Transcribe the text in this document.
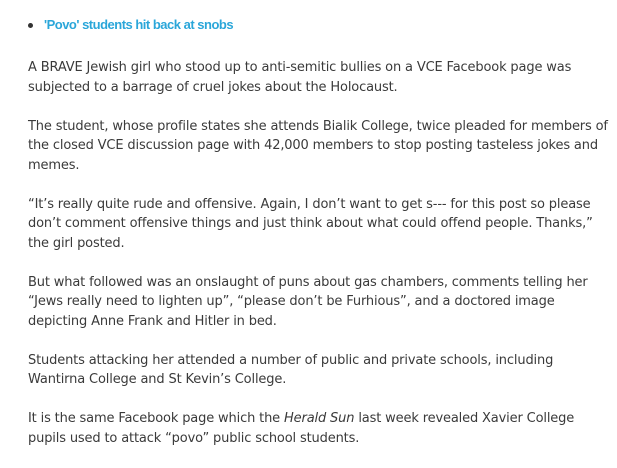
'Povo' students hit back at snobs

A BRAVE Jewish girl who stood up to anti-semitic bullies on a VCE Facebook page was subjected to a barrage of cruel jokes about the Holocaust.

The student, whose profile states she attends Bialik College, twice pleaded for members of the closed VCE discussion page with 42,000 members to stop posting tasteless jokes and memes.

“It’s really quite rude and offensive. Again, I don’t want to get s--- for this post so please don’t comment offensive things and just think about what could offend people. Thanks,” the girl posted.

But what followed was an onslaught of puns about gas chambers, comments telling her “Jews really need to lighten up”, “please don’t be Furhious”, and a doctored image depicting Anne Frank and Hitler in bed.

Students attacking her attended a number of public and private schools, including Wantirna College and St Kevin’s College.

It is the same Facebook page which the Herald Sun last week revealed Xavier College pupils used to attack “povo” public school students.
